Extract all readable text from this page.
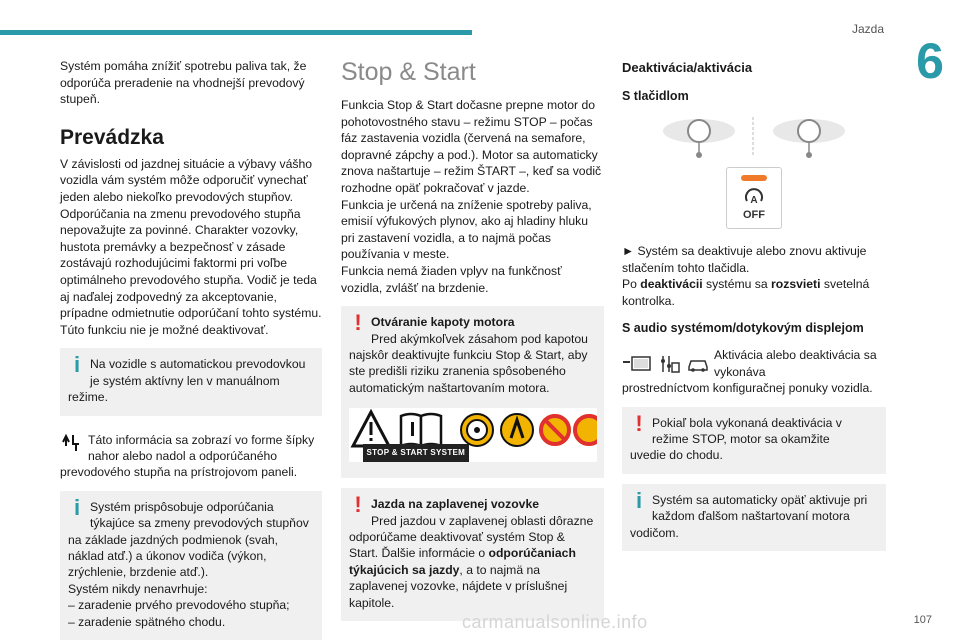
Jazda
6

Systém pomáha znížiť spotrebu paliva tak, že odporúča preradenie na vhodnejší prevodový stupeň.

Prevádzka

V závislosti od jazdnej situácie a výbavy vášho vozidla vám systém môže odporučiť vynechať jeden alebo niekoľko prevodových stupňov. Odporúčania na zmenu prevodového stupňa nepovažujte za povinné. Charakter vozovky, hustota premávky a bezpečnosť v zásade zostávajú rozhodujúcimi faktormi pri voľbe optimálneho prevodového stupňa. Vodič je teda aj naďalej zodpovedný za akceptovanie, prípadne odmietnutie odporúčaní tohto systému. Túto funkciu nie je možné deaktivovať.

i Na vozidle s automatickou prevodovkou je systém aktívny len v manuálnom
režime.
Táto informácia sa zobrazí vo forme šípky nahor alebo nadol a odporúčaného
prevodového stupňa na prístrojovom paneli.
i Systém prispôsobuje odporúčania týkajúce sa zmeny prevodových stupňov
na základe jazdných podmienok (svah, náklad atď.) a úkonov vodiča (výkon, zrýchlenie, brzdenie atď.).
Systém nikdy nenavrhuje:
– zaradenie prvého prevodového stupňa;
– zaradenie spätného chodu.
Stop & Start

Funkcia Stop & Start dočasne prepne motor do pohotovostného stavu – režimu STOP – počas fáz zastavenia vozidla (červená na semafore, dopravné zápchy a pod.). Motor sa automaticky znova naštartuje – režim ŠTART –, keď sa vodič rozhodne opäť pokračovať v jazde.

Funkcia je určená na zníženie spotreby paliva, emisií výfukových plynov, ako aj hladiny hluku pri zastavení vozidla, a to najmä počas používania v meste.

Funkcia nemá žiaden vplyv na funkčnosť vozidla, zvlášť na brzdenie.

! Otváranie kapoty motora
Pred akýmkoľvek zásahom pod kapotou
najskôr deaktivujte funkciu Stop & Start, aby ste predišli riziku zranenia spôsobeného automatickým naštartovaním motora.
STOP & START SYSTEM
! Jazda na zaplavenej vozovke
Pred jazdou v zaplavenej oblasti dôrazne
odporúčame deaktivovať systém Stop & Start. Ďalšie informácie o odporúčaniach týkajúcich sa jazdy, a to najmä na zaplavenej vozovke, nájdete v príslušnej kapitole.
Deaktivácia/aktivácia
S tlačidlom
A
OFF

► Systém sa deaktivuje alebo znovu aktivuje stlačením tohto tlačidla.

Po deaktivácii systému sa rozsvieti svetelná kontrolka.

S audio systémom/dotykovým displejom
Aktivácia alebo deaktivácia sa vykonáva
prostredníctvom konfiguračnej ponuky vozidla.
! Pokiaľ bola vykonaná deaktivácia v režime STOP, motor sa okamžite
uvedie do chodu.
i Systém sa automaticky opäť aktivuje pri každom ďalšom naštartovaní motora
vodičom.
carmanualsonline.info	107
